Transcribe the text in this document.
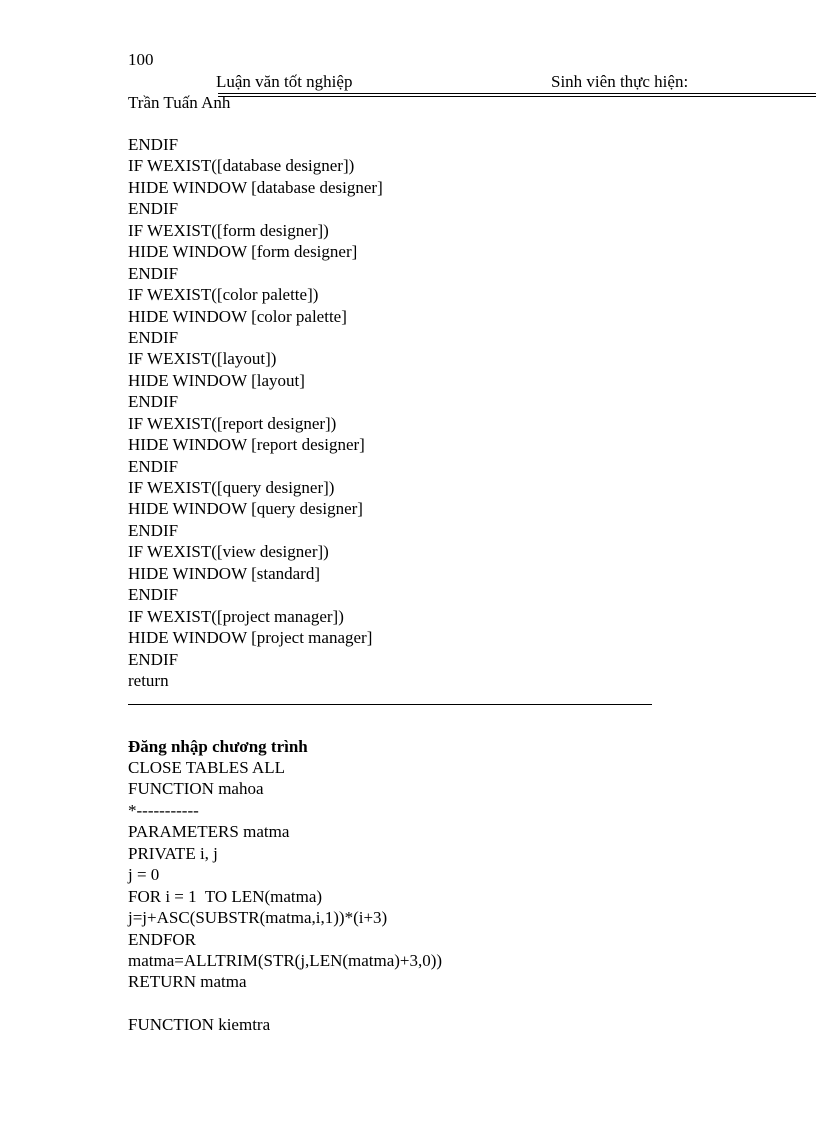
100
Luận văn tốt nghiệp	Sinh viên thực hiện:
Trần Tuấn Anh
ENDIF
IF WEXIST([database designer])
HIDE WINDOW [database designer]
ENDIF
IF WEXIST([form designer])
HIDE WINDOW [form designer]
ENDIF
IF WEXIST([color palette])
HIDE WINDOW [color palette]
ENDIF
IF WEXIST([layout])
HIDE WINDOW [layout]
ENDIF
IF WEXIST([report designer])
HIDE WINDOW [report designer]
ENDIF
IF WEXIST([query designer])
HIDE WINDOW [query designer]
ENDIF
IF WEXIST([view designer])
HIDE WINDOW [standard]
ENDIF
IF WEXIST([project manager])
HIDE WINDOW [project manager]
ENDIF
return
Đăng nhập chương trình
CLOSE TABLES ALL
FUNCTION mahoa
*-----------
PARAMETERS matma
PRIVATE i, j
j = 0
FOR i = 1  TO LEN(matma)
j=j+ASC(SUBSTR(matma,i,1))*(i+3)
ENDFOR
matma=ALLTRIM(STR(j,LEN(matma)+3,0))
RETURN matma
FUNCTION kiemtra
